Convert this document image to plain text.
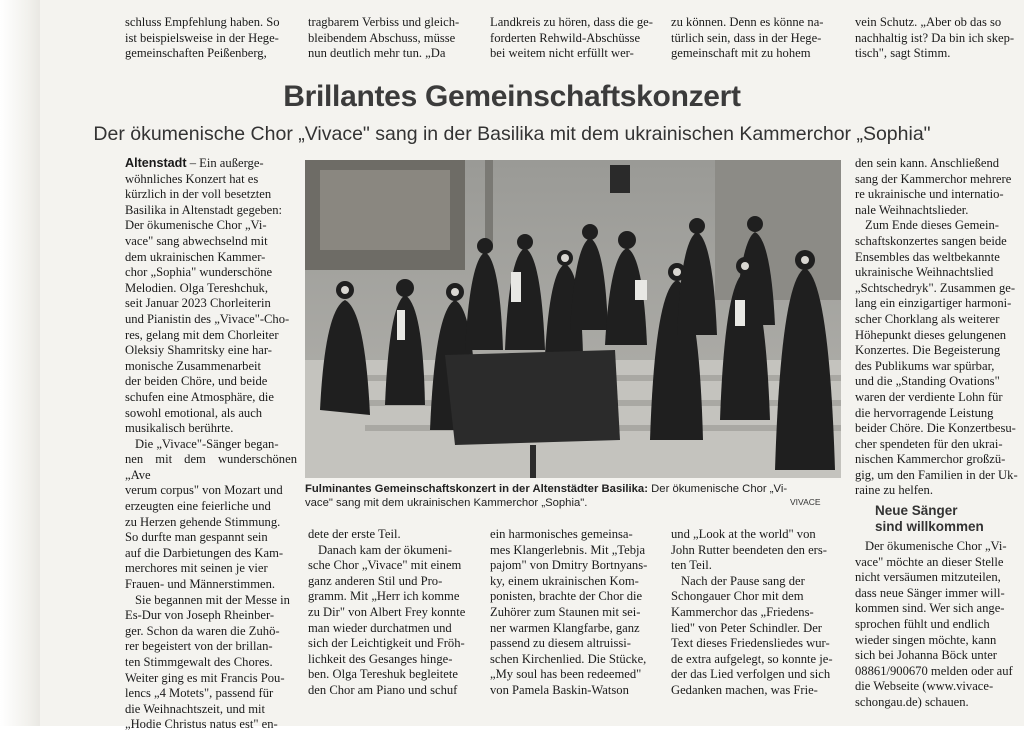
schluss Empfehlung haben. So
ist beispielsweise in der Hege-
gemeinschaften Peißenberg,
tragbarem Verbiss und gleich-
bleibendem Abschuss, müsse
nun deutlich mehr tun. „Da
Landkreis zu hören, dass die ge-
forderten Rehwild-Abschüsse
bei weitem nicht erfüllt wer-
zu können. Denn es könne na-
türlich sein, dass in der Hege-
gemeinschaft mit zu hohem
vein Schutz. „Aber ob das so
nachhaltig ist? Da bin ich skep-
tisch", sagt Stimm.
Brillantes Gemeinschaftskonzert
Der ökumenische Chor „Vivace" sang in der Basilika mit dem ukrainischen Kammerchor „Sophia"

Altenstadt – Ein außerge-
wöhnliches Konzert hat es
kürzlich in der voll besetzten
Basilika in Altenstadt gegeben:
Der ökumenische Chor „Vi-
vace" sang abwechselnd mit
dem ukrainischen Kammer-
chor „Sophia" wunderschöne
Melodien. Olga Tereshchuk,
seit Januar 2023 Chorleiterin
und Pianistin des „Vivace"-Cho-
res, gelang mit dem Chorleiter
Oleksiy Shamritsky eine har-
monische Zusammenarbeit
der beiden Chöre, und beide
schufen eine Atmosphäre, die
sowohl emotional, als auch
musikalisch berührte.

Die „Vivace"-Sänger began-
nen mit dem wunderschönen „Ave
verum corpus" von Mozart und
erzeugten eine feierliche und
zu Herzen gehende Stimmung.
So durfte man gespannt sein
auf die Darbietungen des Kam-
merchores mit seinen je vier
Frauen- und Männerstimmen.

Sie begannen mit der Messe in
Es-Dur von Joseph Rheinber-
ger. Schon da waren die Zuhö-
rer begeistert von der brillan-
ten Stimmgewalt des Chores.
Weiter ging es mit Francis Pou-
lencs „4 Motets", passend für
die Weihnachtszeit, und mit
„Hodie Christus natus est" en-

Fulminantes Gemeinschaftskonzert in der Altenstädter Basilika: Der ökumenische Chor „Vi-
vace" sang mit dem ukrainischen Kammerchor „Sophia".	VIVACE

dete der erste Teil.

Danach kam der ökumeni-
sche Chor „Vivace" mit einem
ganz anderen Stil und Pro-
gramm. Mit „Herr ich komme
zu Dir" von Albert Frey konnte
man wieder durchatmen und
sich der Leichtigkeit und Fröh-
lichkeit des Gesanges hinge-
ben. Olga Tereshuk begleitete
den Chor am Piano und schuf

ein harmonisches gemeinsa-
mes Klangerlebnis. Mit „Tebja
pajom" von Dmitry Bortnyans-
ky, einem ukrainischen Kom-
ponisten, brachte der Chor die
Zuhörer zum Staunen mit sei-
ner warmen Klangfarbe, ganz
passend zu diesem altruissi-
schen Kirchenlied. Die Stücke,
„My soul has been redeemed"
von Pamela Baskin-Watson

und „Look at the world" von
John Rutter beendeten den ers-
ten Teil.

Nach der Pause sang der
Schongauer Chor mit dem
Kammerchor das „Friedens-
lied" von Peter Schindler. Der
Text dieses Friedensliedes wur-
de extra aufgelegt, so konnte je-
der das Lied verfolgen und sich
Gedanken machen, was Frie-

den sein kann. Anschließend
sang der Kammerchor mehrere
re ukrainische und internatio-
nale Weihnachtslieder.

Zum Ende dieses Gemein-
schaftskonzertes sangen beide
Ensembles das weltbekannte
ukrainische Weihnachtslied
„Schtschedryk". Zusammen ge-
lang ein einzigartiger harmoni-
scher Chorklang als weiterer
Höhepunkt dieses gelungenen
Konzertes. Die Begeisterung
des Publikums war spürbar,
und die „Standing Ovations"
waren der verdiente Lohn für
die hervorragende Leistung
beider Chöre. Die Konzertbesu-
cher spendeten für den ukrai-
nischen Kammerchor großzü-
gig, um den Familien in der Uk-
raine zu helfen.

Neue Sänger
sind willkommen

Der ökumenische Chor „Vi-
vace" möchte an dieser Stelle
nicht versäumen mitzuteilen,
dass neue Sänger immer will-
kommen sind. Wer sich ange-
sprochen fühlt und endlich
wieder singen möchte, kann
sich bei Johanna Böck unter
08861/900670 melden oder auf
die Webseite (www.vivace-
schongau.de) schauen.
